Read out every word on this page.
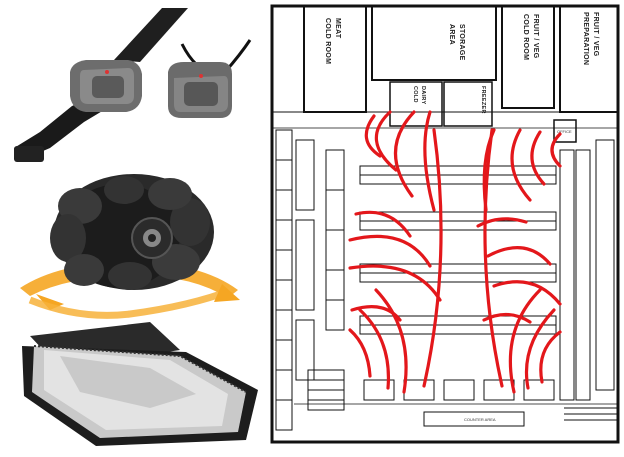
MEAT
COLD ROOM	STORAGE
AREA	FRUIT / VEG
COLD ROOM	FRUIT / VEG
PREPARATION
DAIRY
COLD	FREEZER
OFFICE
COUNTER AREA
